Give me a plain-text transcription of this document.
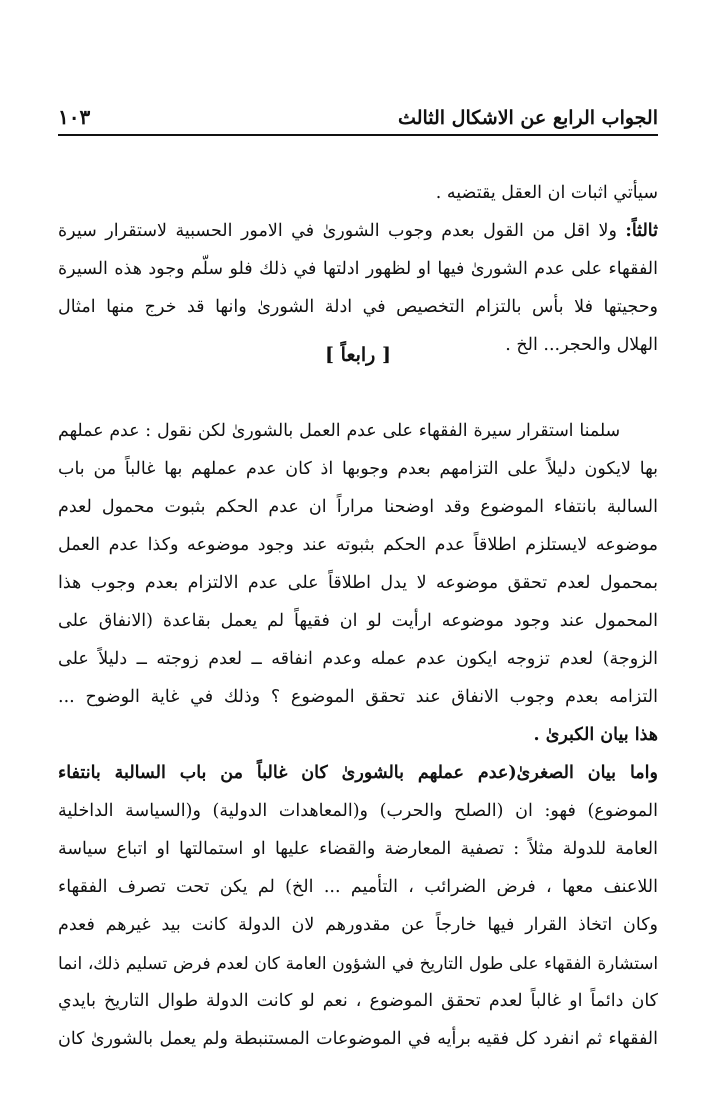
الجواب الرابع عن الاشكال الثالث
١٠٣
سيأتي اثبات ان العقل يقتضيه .
ثالثاً: ولا اقل من القول بعدم وجوب الشورىٰ في الامور الحسبية لاستقرار سيرة
الفقهاء على عدم الشورىٰ فيها او لظهور ادلتها في ذلك فلو سلّم وجود هذه السيرة
وحجيتها فلا بأس بالتزام التخصيص في ادلة الشورىٰ وانها قد خرج منها امثال
الهلال والحجر... الخ .
[ رابعاً ]
سلمنا استقرار سيرة الفقهاء على عدم العمل بالشورىٰ لكن نقول : عدم عملهم
بها لايكون دليلاً على التزامهم بعدم وجوبها اذ كان عدم عملهم بها غالباً من باب
السالبة بانتفاء الموضوع وقد اوضحنا مراراً ان عدم الحكم بثبوت محمول لعدم
موضوعه لايستلزم اطلاقاً عدم الحكم بثبوته عند وجود موضوعه وكذا عدم العمل
بمحمول لعدم تحقق موضوعه لا يدل اطلاقاً على عدم الالتزام بعدم وجوب هذا
المحمول عند وجود موضوعه ارأيت لو ان فقيهاً لم يعمل بقاعدة (الانفاق على
الزوجة) لعدم تزوجه ايكون عدم عمله وعدم انفاقه ــ لعدم زوجته ــ دليلاً على
التزامه بعدم وجوب الانفاق عند تحقق الموضوع ؟ وذلك في غاية الوضوح ...
هذا بيان الكبرىٰ .
واما بيان الصغرىٰ(عدم عملهم بالشورىٰ كان غالباً من باب السالبة بانتفاء
الموضوع) فهو: ان (الصلح والحرب) و(المعاهدات الدولية) و(السياسة الداخلية
العامة للدولة مثلاً : تصفية المعارضة والقضاء عليها او استمالتها او اتباع سياسة
اللاعنف معها ، فرض الضرائب ، التأميم ... الخ) لم يكن تحت تصرف الفقهاء
وكان اتخاذ القرار فيها خارجاً عن مقدورهم لان الدولة كانت بيد غيرهم فعدم
استشارة الفقهاء على طول التاريخ في الشؤون العامة كان لعدم فرض تسليم ذلك، انما
كان دائماً او غالباً لعدم تحقق الموضوع ، نعم لو كانت الدولة طوال التاريخ بايدي
الفقهاء ثم انفرد كل فقيه برأيه في الموضوعات المستنبطة ولم يعمل بالشورىٰ كان
